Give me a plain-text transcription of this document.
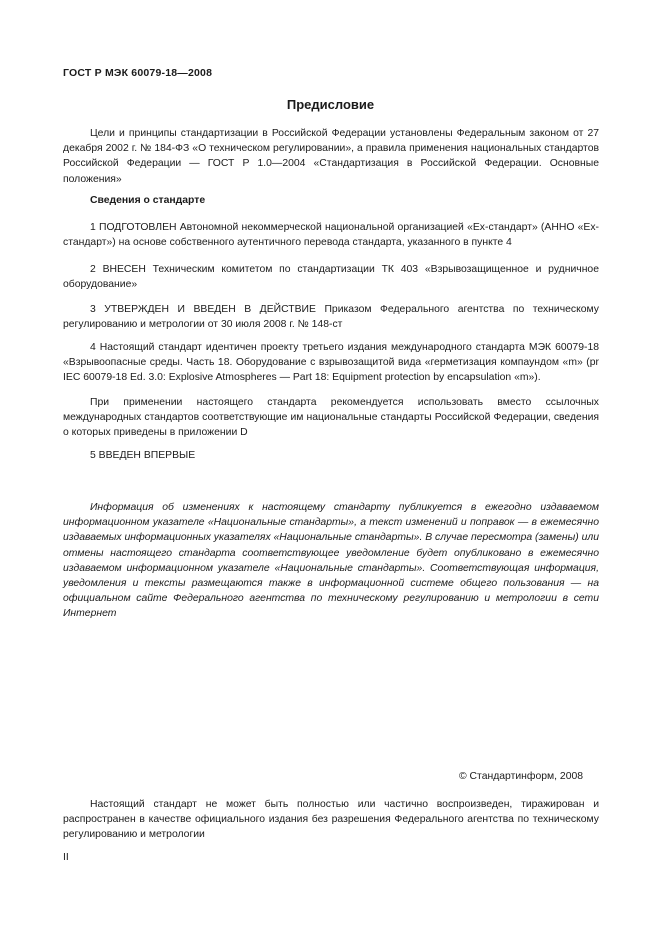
ГОСТ Р МЭК 60079-18—2008
Предисловие
Цели и принципы стандартизации в Российской Федерации установлены Федеральным законом от 27 декабря 2002 г. № 184-ФЗ «О техническом регулировании», а правила применения национальных стандартов Российской Федерации — ГОСТ Р 1.0—2004 «Стандартизация в Российской Федерации. Основные положения»
Сведения о стандарте
1 ПОДГОТОВЛЕН Автономной некоммерческой национальной организацией «Ех-стандарт» (АННО «Ех-стандарт») на основе собственного аутентичного перевода стандарта, указанного в пункте 4
2 ВНЕСЕН Техническим комитетом по стандартизации ТК 403 «Взрывозащищенное и рудничное оборудование»
3 УТВЕРЖДЕН И ВВЕДЕН В ДЕЙСТВИЕ Приказом Федерального агентства по техническому регулированию и метрологии от 30 июля 2008 г. № 148-ст
4 Настоящий стандарт идентичен проекту третьего издания международного стандарта МЭК 60079-18 «Взрывоопасные среды. Часть 18. Оборудование с взрывозащитой вида «герметизация компаундом «m» (pr IEC 60079-18 Ed. 3.0: Explosive Atmospheres — Part 18: Equipment protection by encapsulation «m»).
При применении настоящего стандарта рекомендуется использовать вместо ссылочных международных стандартов соответствующие им национальные стандарты Российской Федерации, сведения о которых приведены в приложении D
5 ВВЕДЕН ВПЕРВЫЕ
Информация об изменениях к настоящему стандарту публикуется в ежегодно издаваемом информационном указателе «Национальные стандарты», а текст изменений и поправок — в ежемесячно издаваемых информационных указателях «Национальные стандарты». В случае пересмотра (замены) или отмены настоящего стандарта соответствующее уведомление будет опубликовано в ежемесячно издаваемом информационном указателе «Национальные стандарты». Соответствующая информация, уведомления и тексты размещаются также в информационной системе общего пользования — на официальном сайте Федерального агентства по техническому регулированию и метрологии в сети Интернет
© Стандартинформ, 2008
Настоящий стандарт не может быть полностью или частично воспроизведен, тиражирован и распространен в качестве официального издания без разрешения Федерального агентства по техническому регулированию и метрологии
II
